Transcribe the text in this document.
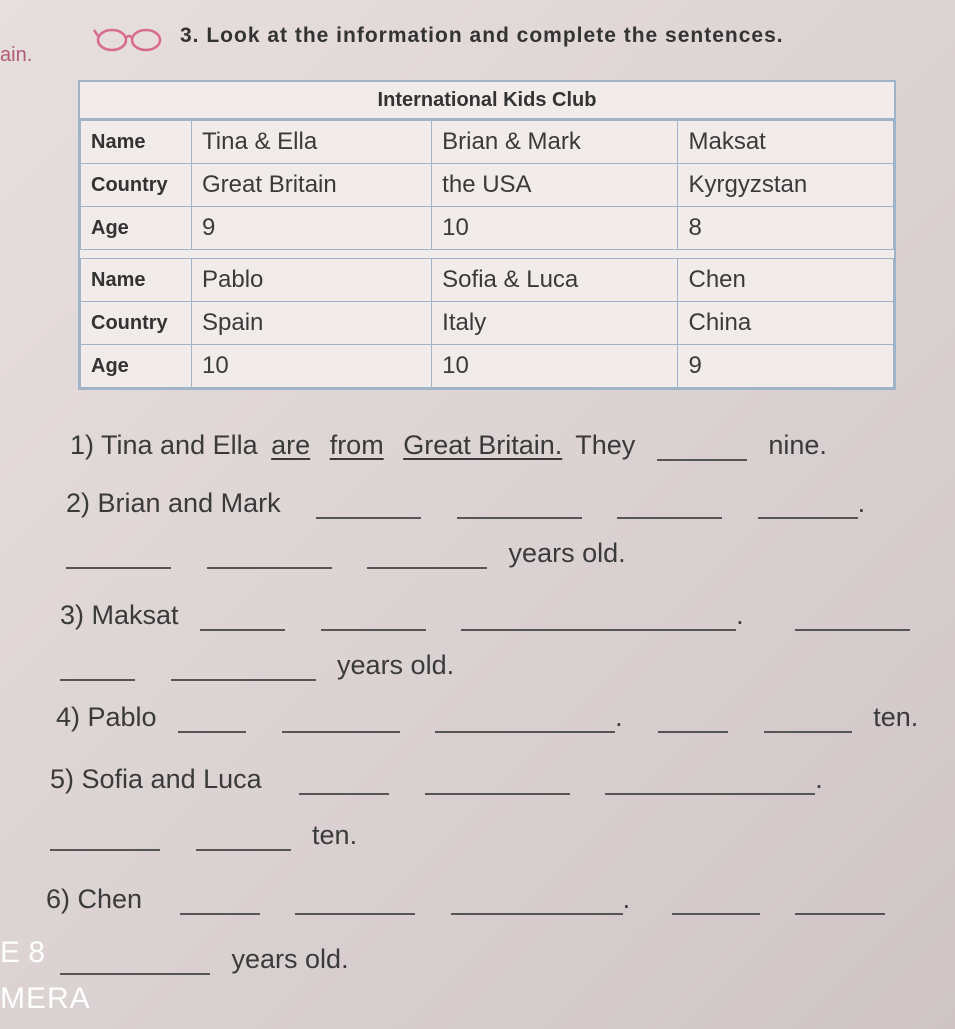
ain.
3. Look at the information and complete the sentences.
International Kids Club
Name	Tina & Ella	Brian & Mark	Maksat
Country	Great Britain	the USA	Kyrgyzstan
Age	9	10	8

Name	Pablo	Sofia & Luca	Chen
Country	Spain	Italy	China
Age	10	10	9
1) Tina and Ella are from Great Britain. They	nine.
2) Brian and Mark	.
years old.
3) Maksat	.
years old.
4) Pablo	.	ten.
5) Sofia and Luca	.
ten.
6) Chen	.
years old.
E 8
MERA
